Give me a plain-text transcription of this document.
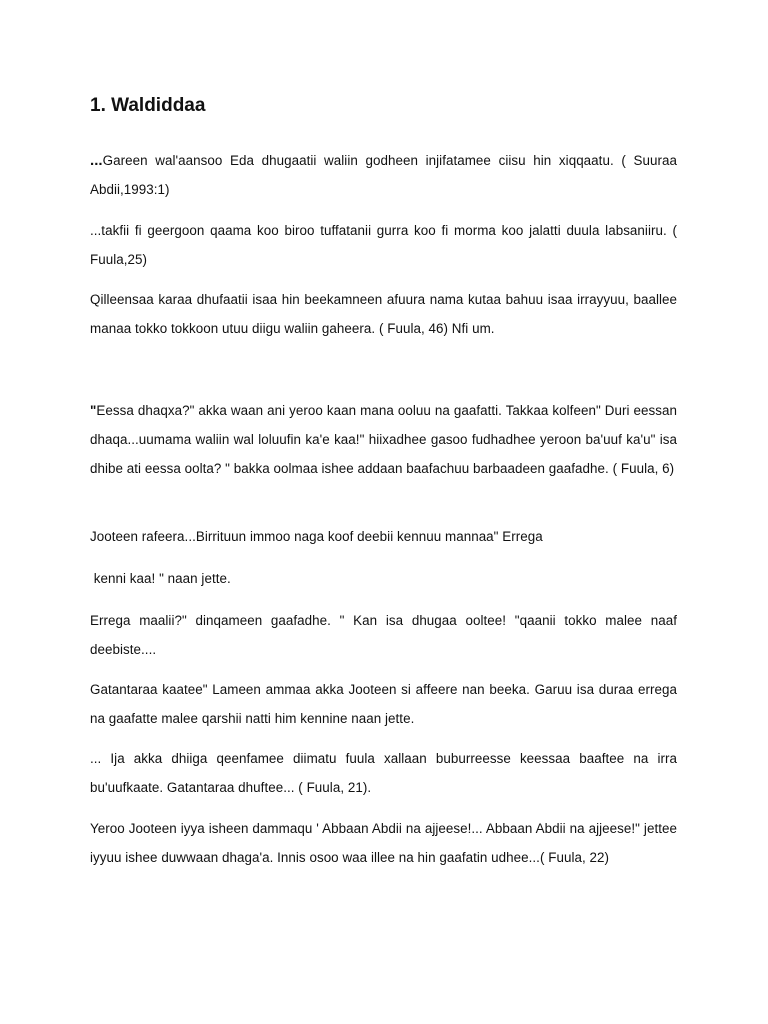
1. Waldiddaa

...Gareen wal'aansoo Eda dhugaatii waliin godheen injifatamee ciisu hin xiqqaatu. ( Suuraa Abdii,1993:1)

...takfii fi geergoon qaama koo biroo tuffatanii gurra koo fi morma koo jalatti duula labsaniiru. ( Fuula,25)

Qilleensaa karaa dhufaatii isaa hin beekamneen afuura nama kutaa bahuu isaa irrayyuu, baallee manaa tokko tokkoon utuu diigu waliin gaheera. ( Fuula, 46) Nfi um.

"Eessa dhaqxa?" akka waan ani yeroo kaan mana ooluu na gaafatti. Takkaa kolfeen" Duri eessan dhaqa...uumama waliin wal loluufin ka'e kaa!" hiixadhee gasoo fudhadhee yeroon ba'uuf ka'u" isa dhibe ati eessa oolta? " bakka oolmaa ishee addaan baafachuu barbaadeen gaafadhe. ( Fuula, 6)

Jooteen rafeera...Birrituun immoo naga koof deebii kennuu mannaa" Errega

kenni kaa! " naan jette.

Errega maalii?" dinqameen gaafadhe. " Kan isa dhugaa ooltee! "qaanii tokko malee naaf deebiste....

Gatantaraa kaatee" Lameen ammaa akka Jooteen si affeere nan beeka. Garuu isa duraa errega na gaafatte malee qarshii natti him kennine naan jette.

... Ija akka dhiiga qeenfamee diimatu fuula xallaan buburreesse keessaa baaftee na irra bu'uufkaate. Gatantaraa dhuftee... ( Fuula, 21).

Yeroo Jooteen iyya isheen dammaqu ' Abbaan Abdii na ajjeese!... Abbaan Abdii na ajjeese!" jettee iyyuu ishee duwwaan dhaga'a. Innis osoo waa illee na hin gaafatin udhee...( Fuula, 22)
